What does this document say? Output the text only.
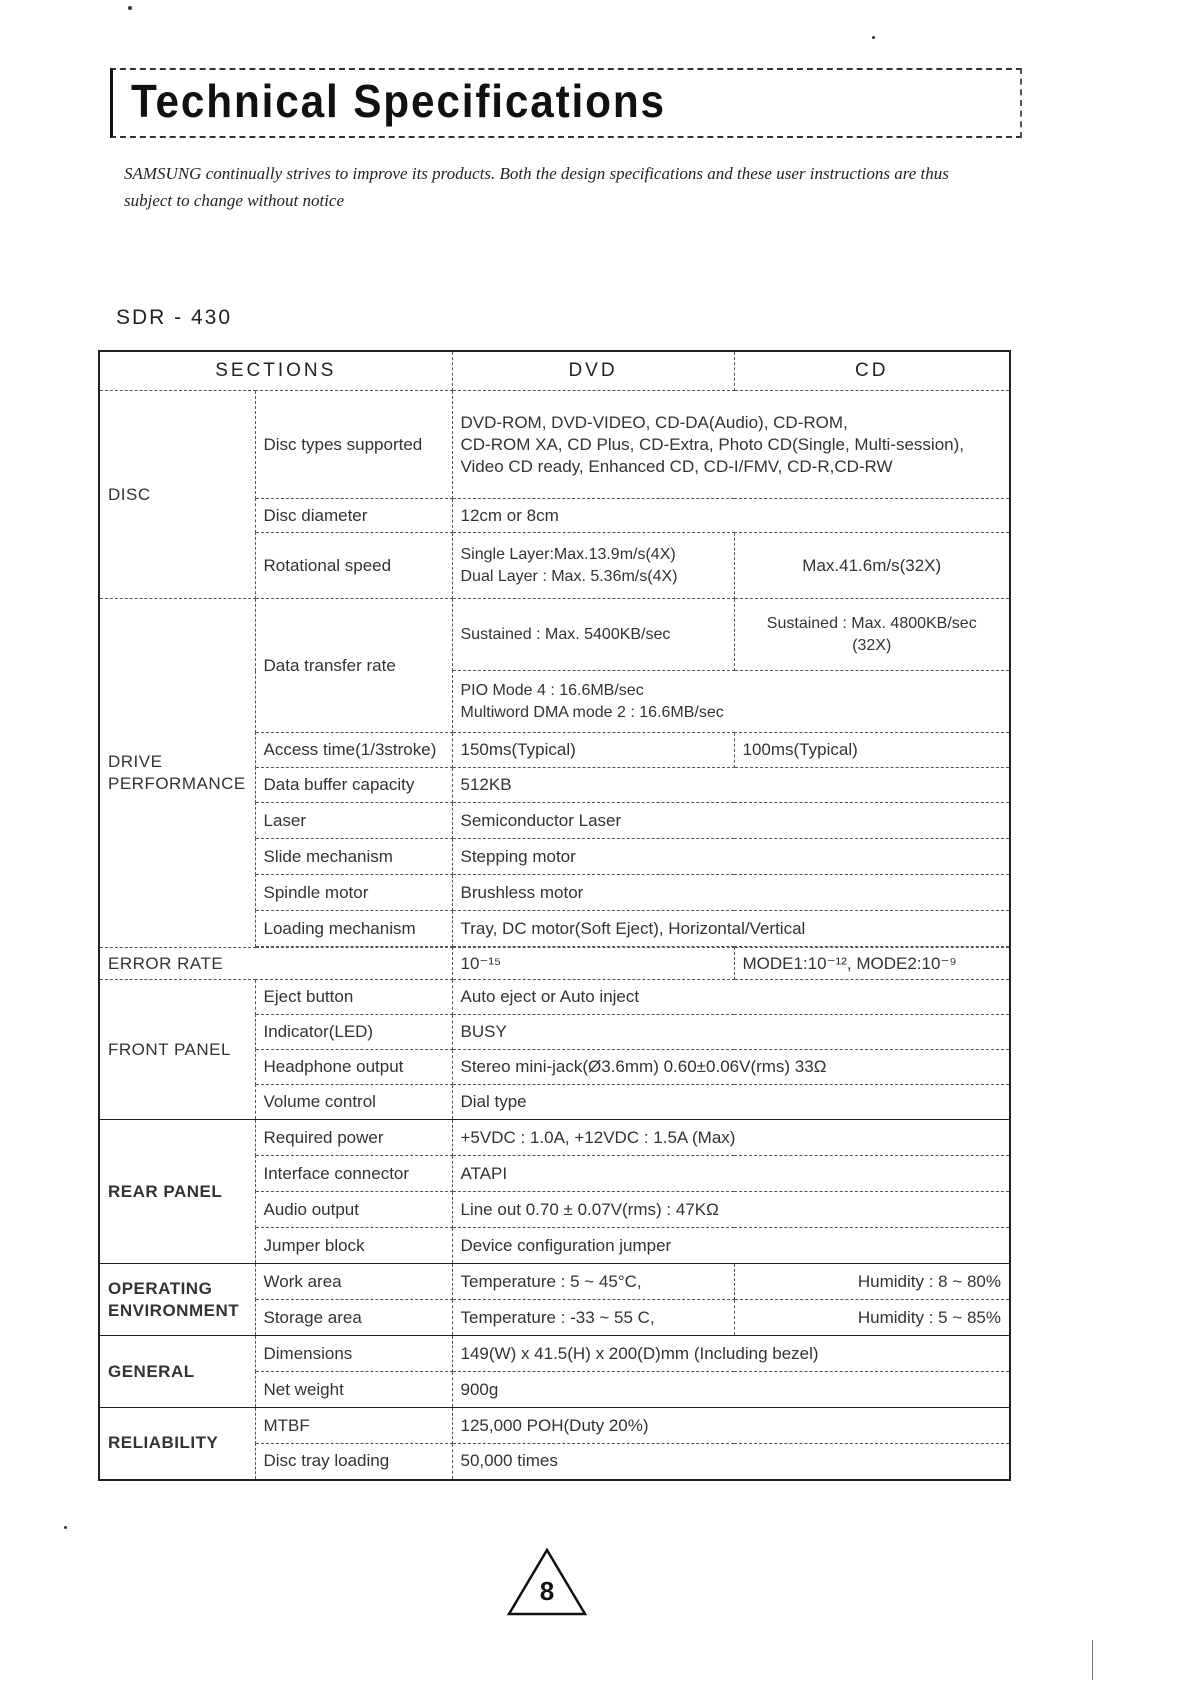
Technical Specifications

SAMSUNG continually strives to improve its products. Both the design specifications and these user instructions are thus subject to change without notice

SDR - 430
SECTIONS		DVD	CD
DISC	Disc types supported	DVD-ROM, DVD-VIDEO, CD-DA(Audio), CD-ROM,
CD-ROM XA, CD Plus, CD-Extra, Photo CD(Single, Multi-session),
Video CD ready, Enhanced CD, CD-I/FMV, CD-R,CD-RW	

	Disc diameter	12cm or 8cm	
	Rotational speed	Single Layer:Max.13.9m/s(4X)
Dual Layer : Max. 5.36m/s(4X)	Max.41.6m/s(32X)

DRIVE
PERFORMANCE	Data transfer rate	Sustained : Max. 5400KB/sec	Sustained : Max. 4800KB/sec
(32X)

		PIO Mode 4 : 16.6MB/sec
Multiword DMA mode 2 : 16.6MB/sec	

	Access time(1/3stroke)	150ms(Typical)	100ms(Typical)
	Data buffer capacity	512KB	
	Laser	Semiconductor Laser	
	Slide mechanism	Stepping motor	
	Spindle motor	Brushless motor	
	Loading mechanism	Tray, DC motor(Soft Eject), Horizontal/Vertical	

ERROR RATE		10⁻¹⁵	MODE1:10⁻¹², MODE2:10⁻⁹
FRONT PANEL	Eject button	Auto eject or Auto inject	
	Indicator(LED)	BUSY	
	Headphone output	Stereo mini-jack(Ø3.6mm) 0.60±0.06V(rms) 33Ω	
	Volume control	Dial type	
REAR PANEL	Required power	+5VDC : 1.0A, +12VDC : 1.5A (Max)	
	Interface connector	ATAPI	
	Audio output	Line out 0.70 ± 0.07V(rms) : 47KΩ	
	Jumper block	Device configuration jumper	

OPERATING
ENVIRONMENT	Work area	Temperature : 5 ~ 45°C,	Humidity : 8 ~ 80%
	Storage area	Temperature : -33 ~ 55 C,	Humidity : 5 ~ 85%
GENERAL	Dimensions	149(W) x 41.5(H) x 200(D)mm (Including bezel)	
	Net weight	900g	
RELIABILITY	MTBF	125,000 POH(Duty 20%)	
	Disc tray loading	50,000 times	
8
